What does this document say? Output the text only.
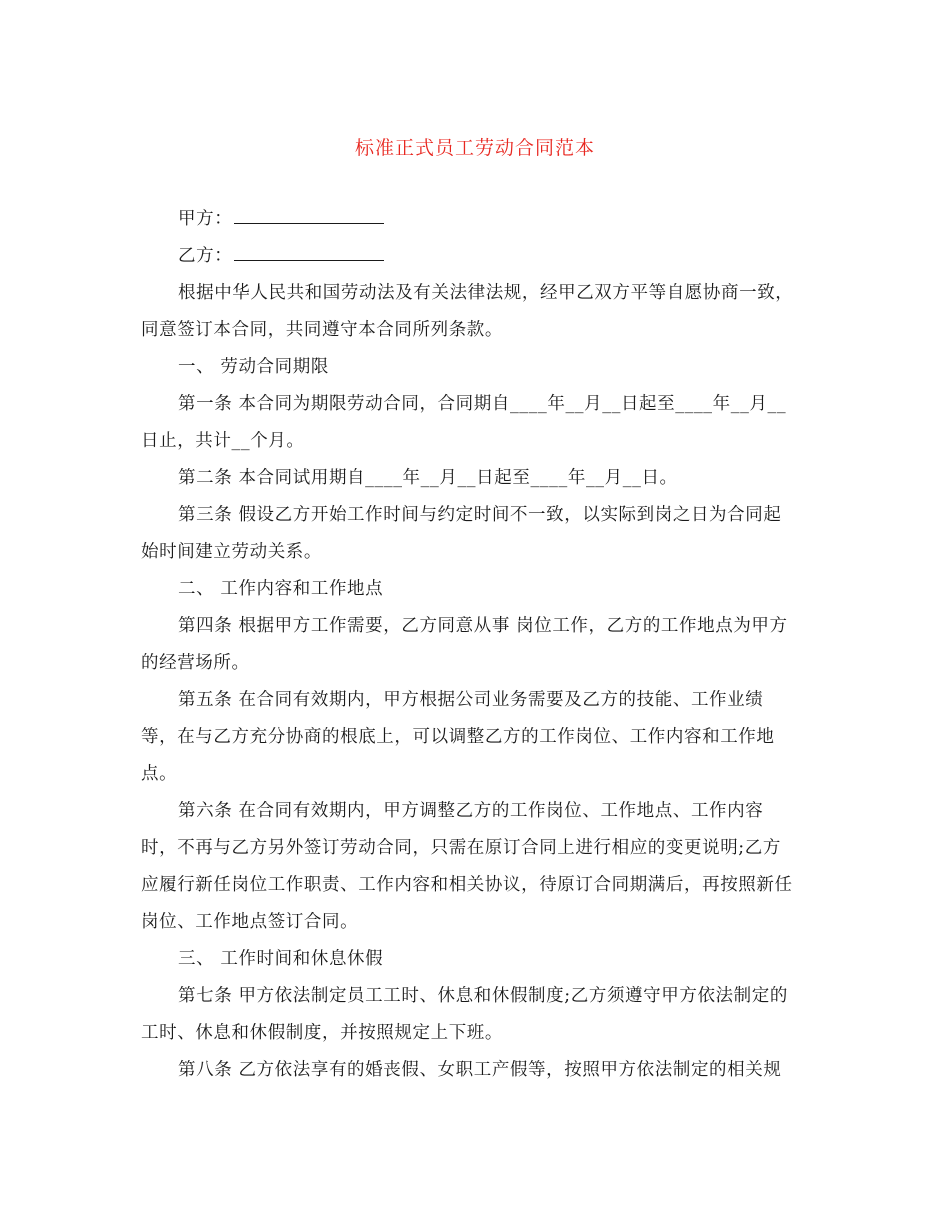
标准正式员工劳动合同范本
甲方：
乙方：
根据中华人民共和国劳动法及有关法律法规，经甲乙双方平等自愿协商一致，
同意签订本合同，共同遵守本合同所列条款。
一、 劳动合同期限
第一条 本合同为期限劳动合同，合同期自____年__月__日起至____年__月__
日止，共计__个月。
第二条 本合同试用期自____年__月__日起至____年__月__日。
第三条 假设乙方开始工作时间与约定时间不一致，以实际到岗之日为合同起
始时间建立劳动关系。
二、 工作内容和工作地点
第四条 根据甲方工作需要，乙方同意从事 岗位工作，乙方的工作地点为甲方
的经营场所。
第五条 在合同有效期内，甲方根据公司业务需要及乙方的技能、工作业绩
等，在与乙方充分协商的根底上，可以调整乙方的工作岗位、工作内容和工作地
点。
第六条 在合同有效期内，甲方调整乙方的工作岗位、工作地点、工作内容
时，不再与乙方另外签订劳动合同，只需在原订合同上进行相应的变更说明;乙方
应履行新任岗位工作职责、工作内容和相关协议，待原订合同期满后，再按照新任
岗位、工作地点签订合同。
三、 工作时间和休息休假
第七条 甲方依法制定员工工时、休息和休假制度;乙方须遵守甲方依法制定的
工时、休息和休假制度，并按照规定上下班。
第八条 乙方依法享有的婚丧假、女职工产假等，按照甲方依法制定的相关规
